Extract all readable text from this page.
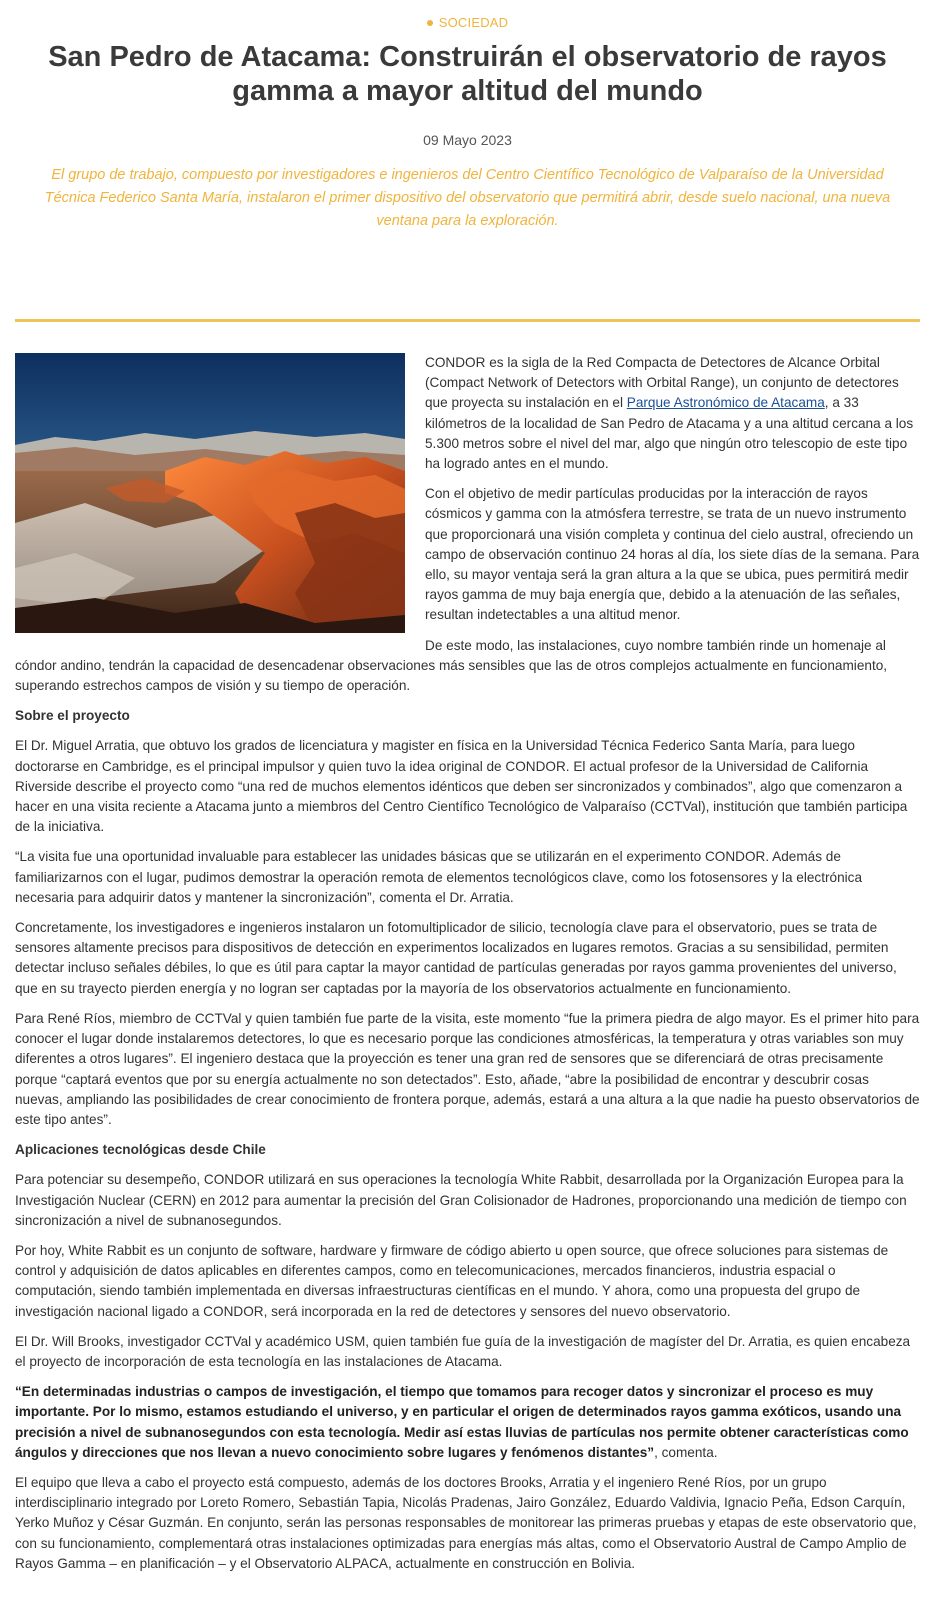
SOCIEDAD
San Pedro de Atacama: Construirán el observatorio de rayos gamma a mayor altitud del mundo
09 Mayo 2023

El grupo de trabajo, compuesto por investigadores e ingenieros del Centro Científico Tecnológico de Valparaíso de la Universidad Técnica Federico Santa María, instalaron el primer dispositivo del observatorio que permitirá abrir, desde suelo nacional, una nueva ventana para la exploración.

CONDOR es la sigla de la Red Compacta de Detectores de Alcance Orbital (Compact Network of Detectors with Orbital Range), un conjunto de detectores que proyecta su instalación en el Parque Astronómico de Atacama, a 33 kilómetros de la localidad de San Pedro de Atacama y a una altitud cercana a los 5.300 metros sobre el nivel del mar, algo que ningún otro telescopio de este tipo ha logrado antes en el mundo.

Con el objetivo de medir partículas producidas por la interacción de rayos cósmicos y gamma con la atmósfera terrestre, se trata de un nuevo instrumento que proporcionará una visión completa y continua del cielo austral, ofreciendo un campo de observación continuo 24 horas al día, los siete días de la semana. Para ello, su mayor ventaja será la gran altura a la que se ubica, pues permitirá medir rayos gamma de muy baja energía que, debido a la atenuación de las señales, resultan indetectables a una altitud menor.

De este modo, las instalaciones, cuyo nombre también rinde un homenaje al cóndor andino, tendrán la capacidad de desencadenar observaciones más sensibles que las de otros complejos actualmente en funcionamiento, superando estrechos campos de visión y su tiempo de operación.

Sobre el proyecto

El Dr. Miguel Arratia, que obtuvo los grados de licenciatura y magister en física en la Universidad Técnica Federico Santa María, para luego doctorarse en Cambridge, es el principal impulsor y quien tuvo la idea original de CONDOR. El actual profesor de la Universidad de California Riverside describe el proyecto como “una red de muchos elementos idénticos que deben ser sincronizados y combinados”, algo que comenzaron a hacer en una visita reciente a Atacama junto a miembros del Centro Científico Tecnológico de Valparaíso (CCTVal), institución que también participa de la iniciativa.

“La visita fue una oportunidad invaluable para establecer las unidades básicas que se utilizarán en el experimento CONDOR. Además de familiarizarnos con el lugar, pudimos demostrar la operación remota de elementos tecnológicos clave, como los fotosensores y la electrónica necesaria para adquirir datos y mantener la sincronización”, comenta el Dr. Arratia.

Concretamente, los investigadores e ingenieros instalaron un fotomultiplicador de silicio, tecnología clave para el observatorio, pues se trata de sensores altamente precisos para dispositivos de detección en experimentos localizados en lugares remotos. Gracias a su sensibilidad, permiten detectar incluso señales débiles, lo que es útil para captar la mayor cantidad de partículas generadas por rayos gamma provenientes del universo, que en su trayecto pierden energía y no logran ser captadas por la mayoría de los observatorios actualmente en funcionamiento.

Para René Ríos, miembro de CCTVal y quien también fue parte de la visita, este momento “fue la primera piedra de algo mayor. Es el primer hito para conocer el lugar donde instalaremos detectores, lo que es necesario porque las condiciones atmosféricas, la temperatura y otras variables son muy diferentes a otros lugares”. El ingeniero destaca que la proyección es tener una gran red de sensores que se diferenciará de otras precisamente porque “captará eventos que por su energía actualmente no son detectados”. Esto, añade, “abre la posibilidad de encontrar y descubrir cosas nuevas, ampliando las posibilidades de crear conocimiento de frontera porque, además, estará a una altura a la que nadie ha puesto observatorios de este tipo antes”.

Aplicaciones tecnológicas desde Chile

Para potenciar su desempeño, CONDOR utilizará en sus operaciones la tecnología White Rabbit, desarrollada por la Organización Europea para la Investigación Nuclear (CERN) en 2012 para aumentar la precisión del Gran Colisionador de Hadrones, proporcionando una medición de tiempo con sincronización a nivel de subnanosegundos.

Por hoy, White Rabbit es un conjunto de software, hardware y firmware de código abierto u open source, que ofrece soluciones para sistemas de control y adquisición de datos aplicables en diferentes campos, como en telecomunicaciones, mercados financieros, industria espacial o computación, siendo también implementada en diversas infraestructuras científicas en el mundo. Y ahora, como una propuesta del grupo de investigación nacional ligado a CONDOR, será incorporada en la red de detectores y sensores del nuevo observatorio.

El Dr. Will Brooks, investigador CCTVal y académico USM, quien también fue guía de la investigación de magíster del Dr. Arratia, es quien encabeza el proyecto de incorporación de esta tecnología en las instalaciones de Atacama.

“En determinadas industrias o campos de investigación, el tiempo que tomamos para recoger datos y sincronizar el proceso es muy importante. Por lo mismo, estamos estudiando el universo, y en particular el origen de determinados rayos gamma exóticos, usando una precisión a nivel de subnanosegundos con esta tecnología. Medir así estas lluvias de partículas nos permite obtener características como ángulos y direcciones que nos llevan a nuevo conocimiento sobre lugares y fenómenos distantes”, comenta.

El equipo que lleva a cabo el proyecto está compuesto, además de los doctores Brooks, Arratia y el ingeniero René Ríos, por un grupo interdisciplinario integrado por Loreto Romero, Sebastián Tapia, Nicolás Pradenas, Jairo González, Eduardo Valdivia, Ignacio Peña, Edson Carquín, Yerko Muñoz y César Guzmán. En conjunto, serán las personas responsables de monitorear las primeras pruebas y etapas de este observatorio que, con su funcionamiento, complementará otras instalaciones optimizadas para energías más altas, como el Observatorio Austral de Campo Amplio de Rayos Gamma – en planificación – y el Observatorio ALPACA, actualmente en construcción en Bolivia.
